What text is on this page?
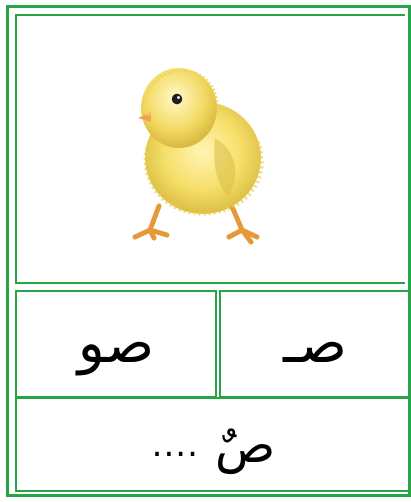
صو صـ
صٌ
....
